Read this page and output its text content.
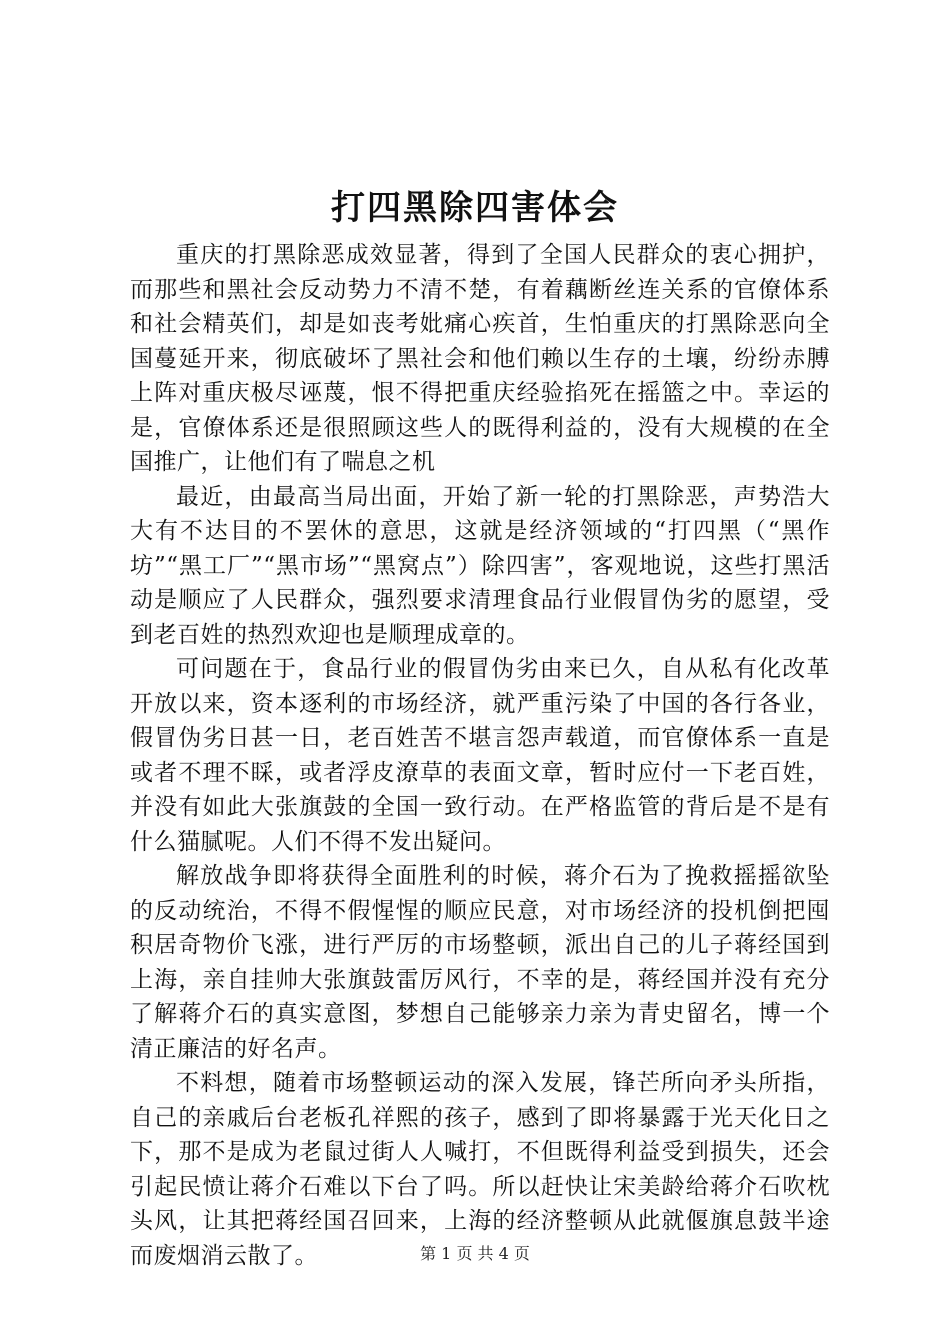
打四黑除四害体会

重庆的打黑除恶成效显著，得到了全国人民群众的衷心拥护，而那些和黑社会反动势力不清不楚，有着藕断丝连关系的官僚体系和社会精英们，却是如丧考妣痛心疾首，生怕重庆的打黑除恶向全国蔓延开来，彻底破坏了黑社会和他们赖以生存的土壤，纷纷赤膊上阵对重庆极尽诬蔑，恨不得把重庆经验掐死在摇篮之中。幸运的是，官僚体系还是很照顾这些人的既得利益的，没有大规模的在全国推广，让他们有了喘息之机

最近，由最高当局出面，开始了新一轮的打黑除恶，声势浩大大有不达目的不罢休的意思，这就是经济领域的“打四黑（“黑作坊”“黑工厂”“黑市场”“黑窝点”）除四害”，客观地说，这些打黑活动是顺应了人民群众，强烈要求清理食品行业假冒伪劣的愿望，受到老百姓的热烈欢迎也是顺理成章的。

可问题在于，食品行业的假冒伪劣由来已久，自从私有化改革开放以来，资本逐利的市场经济，就严重污染了中国的各行各业，假冒伪劣日甚一日，老百姓苦不堪言怨声载道，而官僚体系一直是或者不理不睬，或者浮皮潦草的表面文章，暂时应付一下老百姓，并没有如此大张旗鼓的全国一致行动。在严格监管的背后是不是有什么猫腻呢。人们不得不发出疑问。

解放战争即将获得全面胜利的时候，蒋介石为了挽救摇摇欲坠的反动统治，不得不假惺惺的顺应民意，对市场经济的投机倒把囤积居奇物价飞涨，进行严厉的市场整顿，派出自己的儿子蒋经国到上海，亲自挂帅大张旗鼓雷厉风行，不幸的是，蒋经国并没有充分了解蒋介石的真实意图，梦想自己能够亲力亲为青史留名，博一个清正廉洁的好名声。

不料想，随着市场整顿运动的深入发展，锋芒所向矛头所指，自己的亲戚后台老板孔祥熙的孩子，感到了即将暴露于光天化日之下，那不是成为老鼠过街人人喊打，不但既得利益受到损失，还会引起民愤让蒋介石难以下台了吗。所以赶快让宋美龄给蒋介石吹枕头风，让其把蒋经国召回来，上海的经济整顿从此就偃旗息鼓半途而废烟消云散了。	第 1 页 共 4 页
